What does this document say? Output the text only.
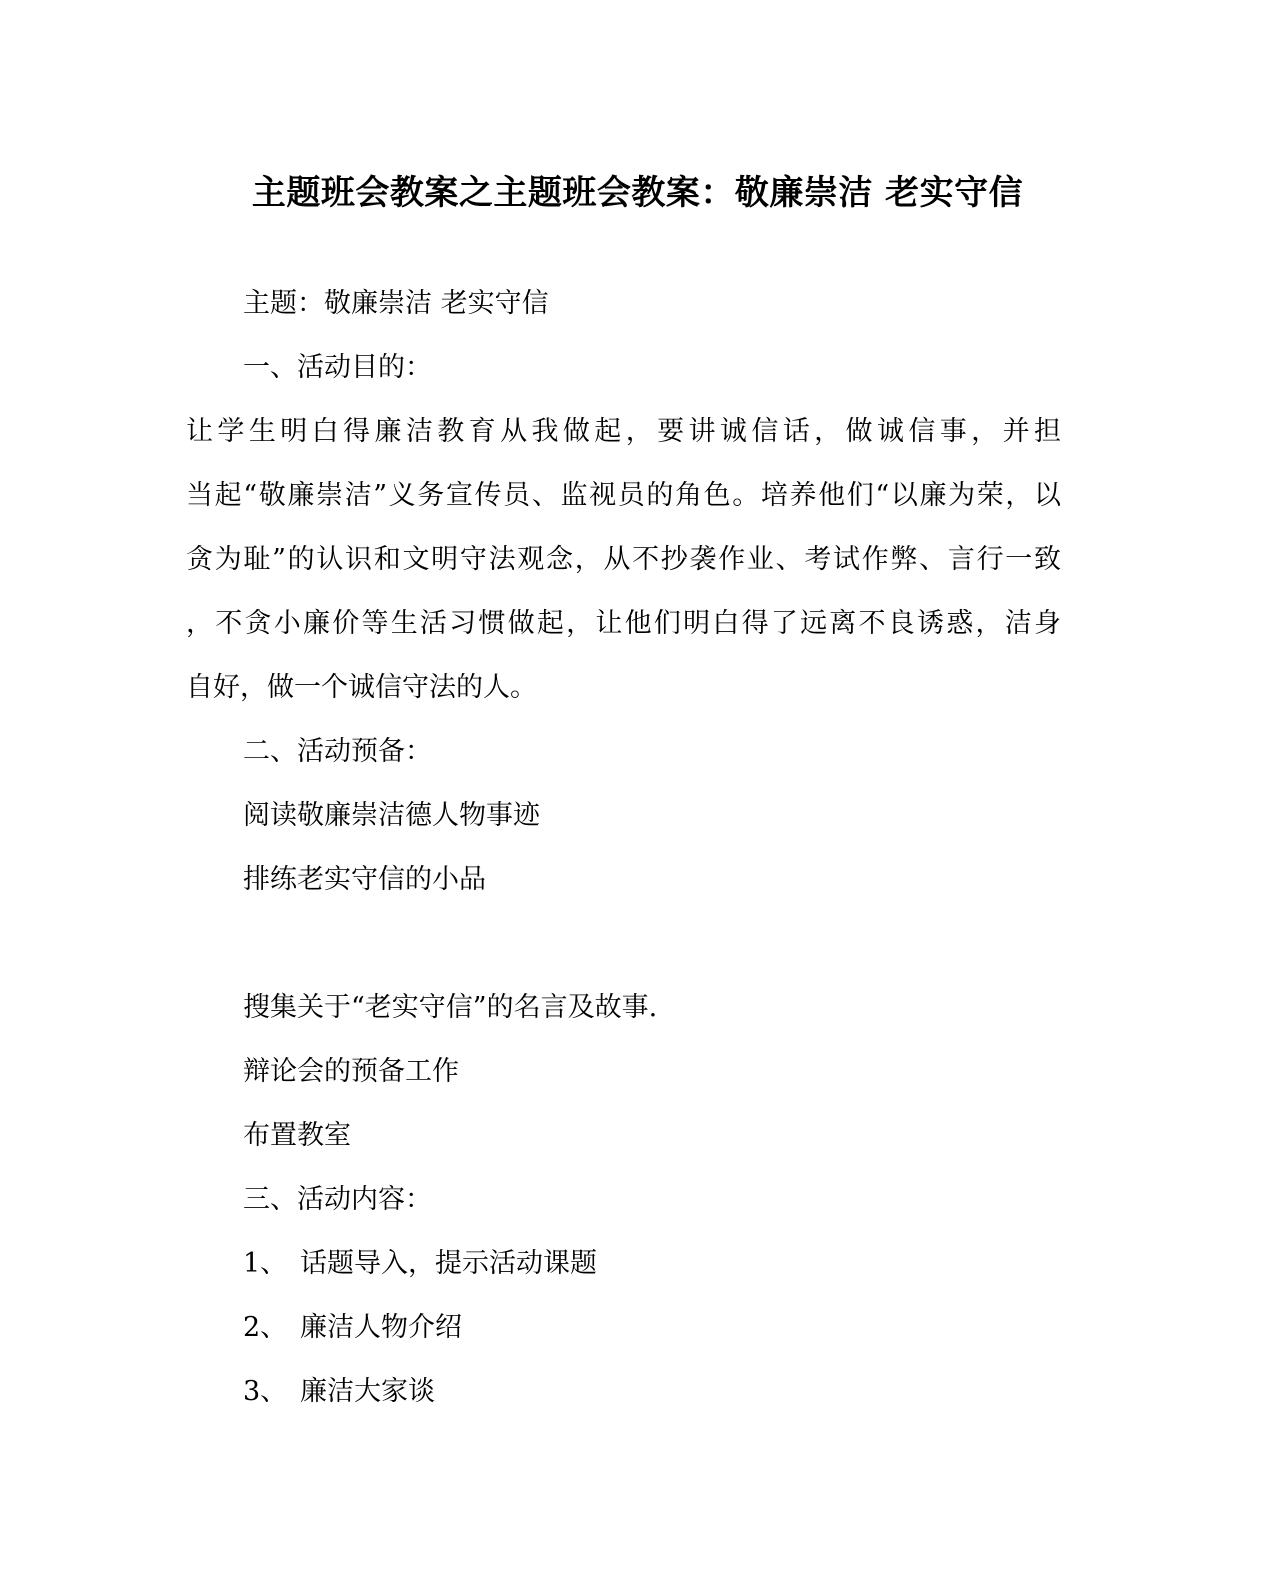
主题班会教案之主题班会教案：敬廉崇洁 老实守信
主题：敬廉崇洁 老实守信
一、活动目的：
让学生明白得廉洁教育从我做起，要讲诚信话，做诚信事，并担
当起“敬廉崇洁”义务宣传员、监视员的角色。培养他们“以廉为荣，以
贪为耻”的认识和文明守法观念，从不抄袭作业、考试作弊、言行一致
，不贪小廉价等生活习惯做起，让他们明白得了远离不良诱惑，洁身
自好，做一个诚信守法的人。
二、活动预备：
阅读敬廉崇洁德人物事迹
排练老实守信的小品
搜集关于“老实守信”的名言及故事.
辩论会的预备工作
布置教室
三、活动内容：
1、 话题导入，提示活动课题
2、 廉洁人物介绍
3、 廉洁大家谈
